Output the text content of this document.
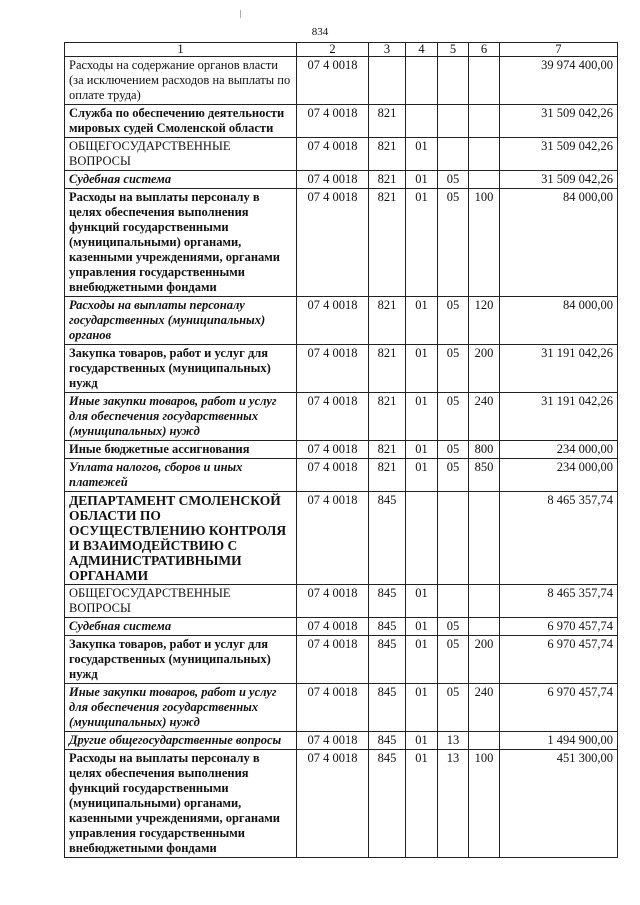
834
1	2	3	4	5	6	7
Расходы на содержание органов власти (за исключением расходов на выплаты по оплате труда)	07 4 0018					39 974 400,00
Служба по обеспечению деятельности мировых судей Смоленской области	07 4 0018	821				31 509 042,26
ОБЩЕГОСУДАРСТВЕННЫЕ ВОПРОСЫ	07 4 0018	821	01			31 509 042,26
Судебная система	07 4 0018	821	01	05		31 509 042,26
Расходы на выплаты персоналу в целях обеспечения выполнения функций государственными (муниципальными) органами, казенными учреждениями, органами управления государственными внебюджетными фондами	07 4 0018	821	01	05	100	84 000,00
Расходы на выплаты персоналу государственных (муниципальных) органов	07 4 0018	821	01	05	120	84 000,00
Закупка товаров, работ и услуг для государственных (муниципальных) нужд	07 4 0018	821	01	05	200	31 191 042,26
Иные закупки товаров, работ и услуг для обеспечения государственных (муниципальных) нужд	07 4 0018	821	01	05	240	31 191 042,26
Иные бюджетные ассигнования	07 4 0018	821	01	05	800	234 000,00
Уплата налогов, сборов и иных платежей	07 4 0018	821	01	05	850	234 000,00
ДЕПАРТАМЕНТ СМОЛЕНСКОЙ ОБЛАСТИ ПО ОСУЩЕСТВЛЕНИЮ КОНТРОЛЯ И ВЗАИМОДЕЙСТВИЮ С АДМИНИСТРАТИВНЫМИ ОРГАНАМИ	07 4 0018	845				8 465 357,74
ОБЩЕГОСУДАРСТВЕННЫЕ ВОПРОСЫ	07 4 0018	845	01			8 465 357,74
Судебная система	07 4 0018	845	01	05		6 970 457,74
Закупка товаров, работ и услуг для государственных (муниципальных) нужд	07 4 0018	845	01	05	200	6 970 457,74
Иные закупки товаров, работ и услуг для обеспечения государственных (муниципальных) нужд	07 4 0018	845	01	05	240	6 970 457,74
Другие общегосударственные вопросы	07 4 0018	845	01	13		1 494 900,00
Расходы на выплаты персоналу в целях обеспечения выполнения функций государственными (муниципальными) органами, казенными учреждениями, органами управления государственными внебюджетными фондами	07 4 0018	845	01	13	100	451 300,00
